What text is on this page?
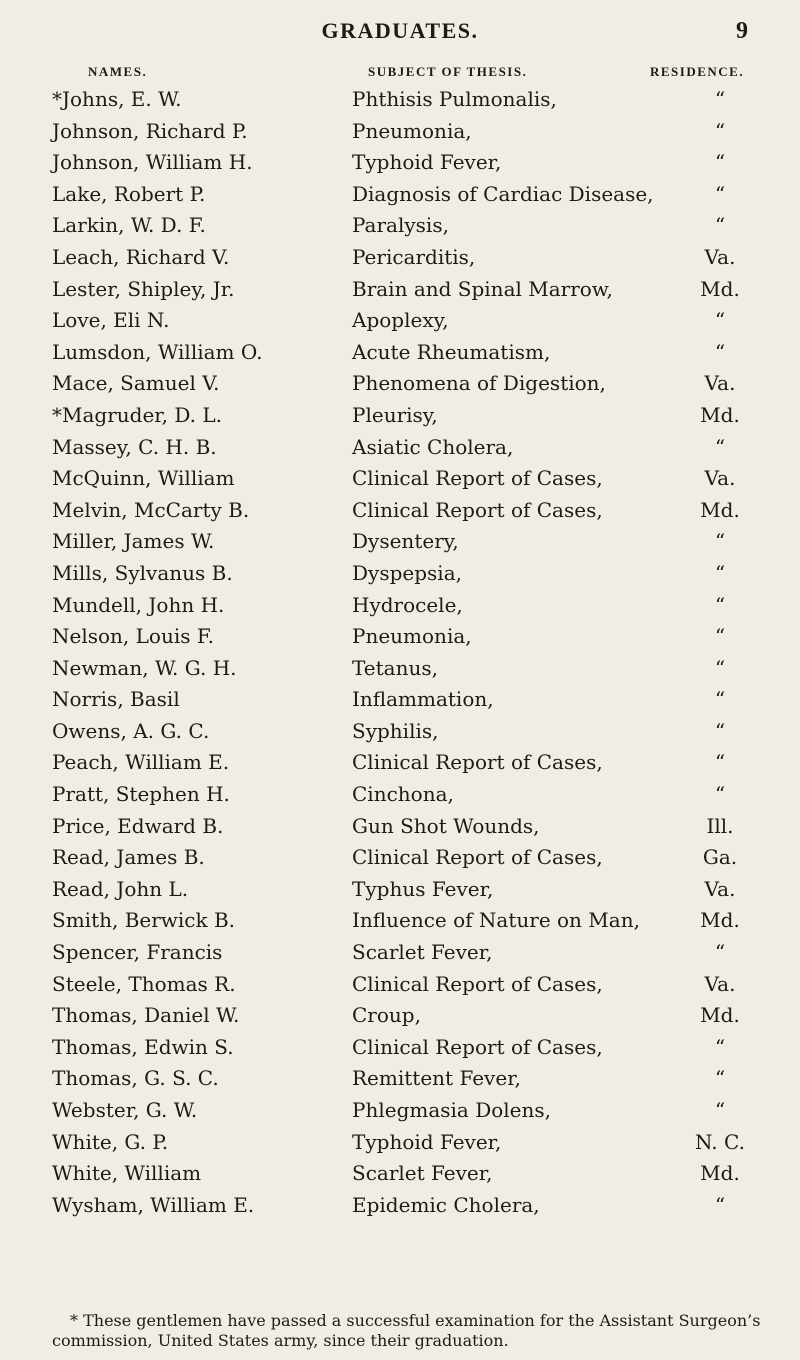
GRADUATES.	9
NAMES.	SUBJECT OF THESIS.	RESIDENCE.
*Johns, E. W.	Phthisis Pulmonalis,	“
Johnson, Richard P.	Pneumonia,	“
Johnson, William H.	Typhoid Fever,	“
Lake, Robert P.	Diagnosis of Cardiac Disease,	“
Larkin, W. D. F.	Paralysis,	“
Leach, Richard V.	Pericarditis,	Va.
Lester, Shipley, Jr.	Brain and Spinal Marrow,	Md.
Love, Eli N.	Apoplexy,	“
Lumsdon, William O.	Acute Rheumatism,	“
Mace, Samuel V.	Phenomena of Digestion,	Va.
*Magruder, D. L.	Pleurisy,	Md.
Massey, C. H. B.	Asiatic Cholera,	“
McQuinn, William	Clinical Report of Cases,	Va.
Melvin, McCarty B.	Clinical Report of Cases,	Md.
Miller, James W.	Dysentery,	“
Mills, Sylvanus B.	Dyspepsia,	“
Mundell, John H.	Hydrocele,	“
Nelson, Louis F.	Pneumonia,	“
Newman, W. G. H.	Tetanus,	“
Norris, Basil	Inflammation,	“
Owens, A. G. C.	Syphilis,	“
Peach, William E.	Clinical Report of Cases,	“
Pratt, Stephen H.	Cinchona,	“
Price, Edward B.	Gun Shot Wounds,	Ill.
Read, James B.	Clinical Report of Cases,	Ga.
Read, John L.	Typhus Fever,	Va.
Smith, Berwick B.	Influence of Nature on Man,	Md.
Spencer, Francis	Scarlet Fever,	“
Steele, Thomas R.	Clinical Report of Cases,	Va.
Thomas, Daniel W.	Croup,	Md.
Thomas, Edwin S.	Clinical Report of Cases,	“
Thomas, G. S. C.	Remittent Fever,	“
Webster, G. W.	Phlegmasia Dolens,	“
White, G. P.	Typhoid Fever,	N. C.
White, William	Scarlet Fever,	Md.
Wysham, William E.	Epidemic Cholera,	“
* These gentlemen have passed a successful examination for the Assistant Surgeon’s commission, United States army, since their graduation.
